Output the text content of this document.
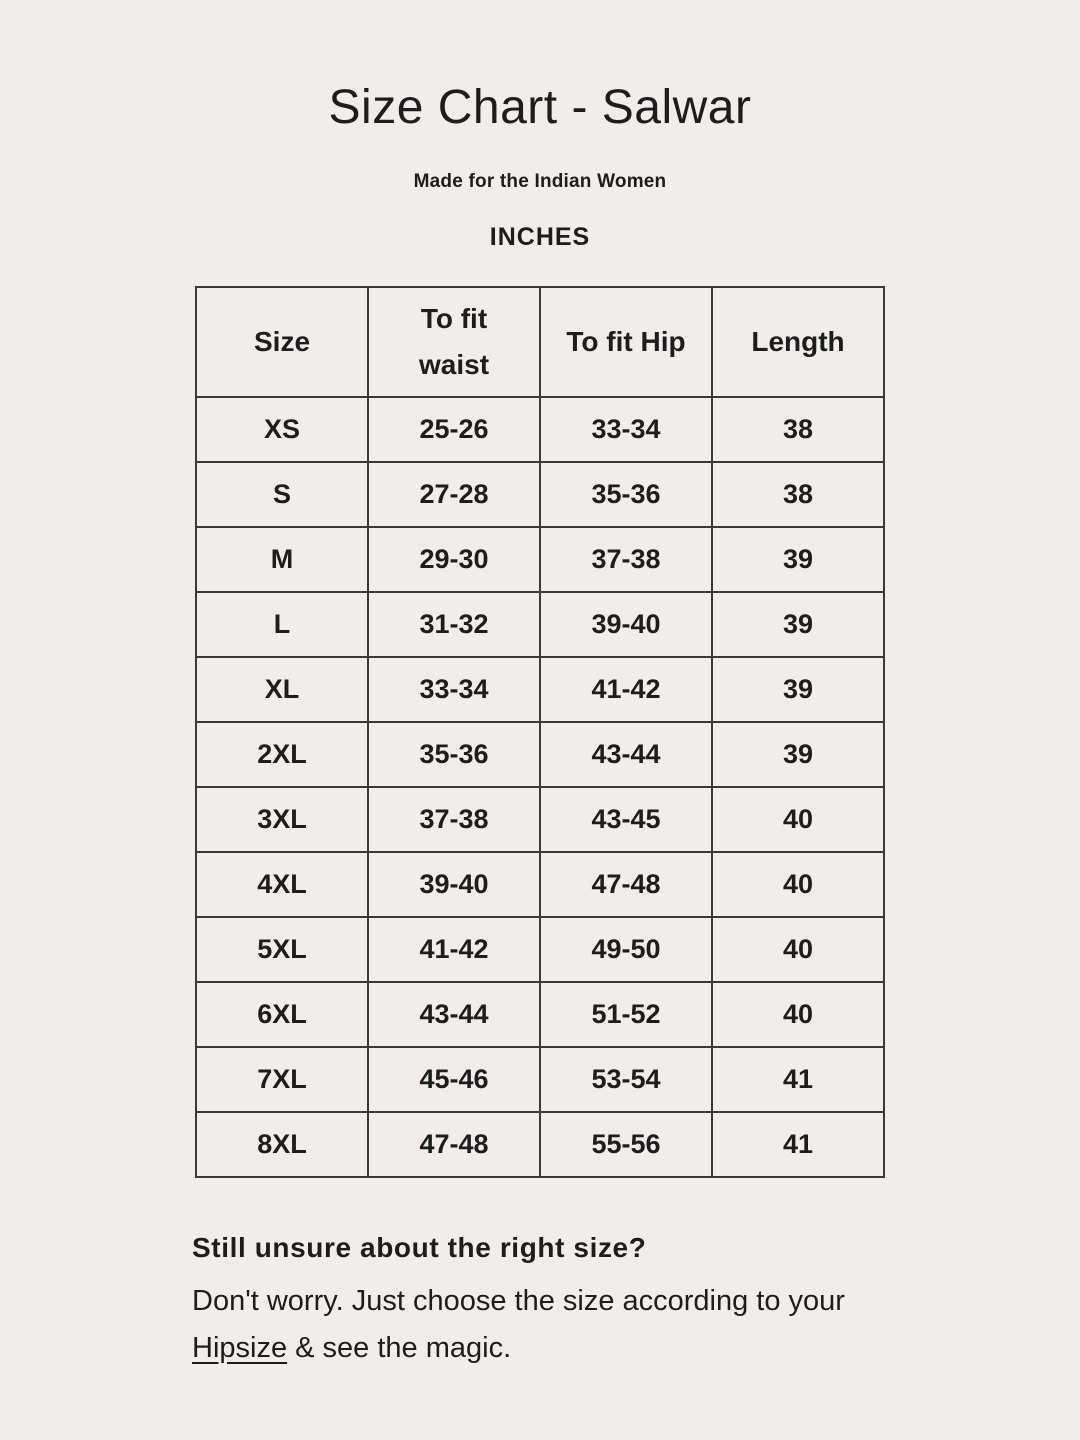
Size Chart - Salwar
Made for the Indian Women
INCHES
Size	To fit waist	To fit Hip	Length
XS	25-26	33-34	38
S	27-28	35-36	38
M	29-30	37-38	39
L	31-32	39-40	39
XL	33-34	41-42	39
2XL	35-36	43-44	39
3XL	37-38	43-45	40
4XL	39-40	47-48	40
5XL	41-42	49-50	40
6XL	43-44	51-52	40
7XL	45-46	53-54	41
8XL	47-48	55-56	41
Still unsure about the right size?

Don't worry. Just choose the size according to your Hipsize & see the magic.
